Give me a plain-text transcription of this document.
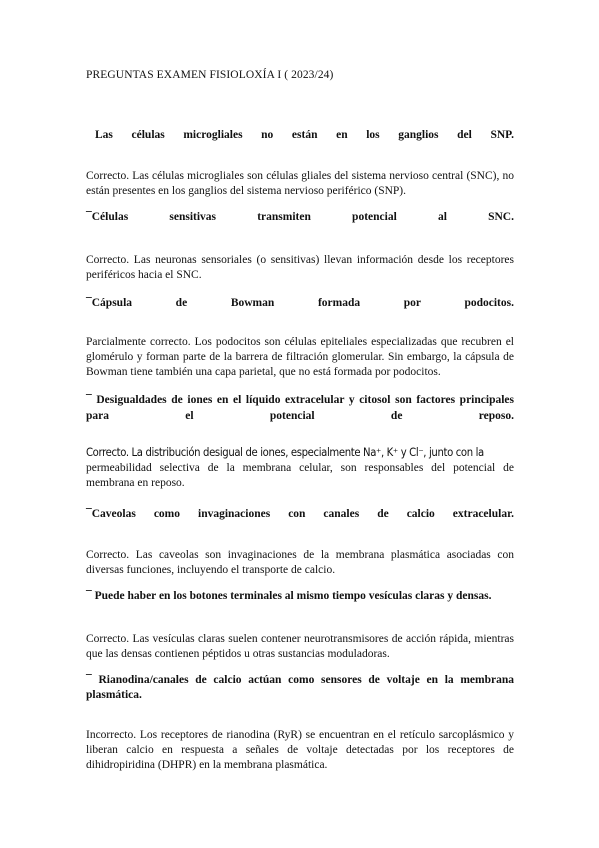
PREGUNTAS EXAMEN FISIOLOXÍA I ( 2023/24)
Las células microgliales no están en los ganglios del SNP.
Correcto. Las células microgliales son células gliales del sistema nervioso central (SNC), no están presentes en los ganglios del sistema nervioso periférico (SNP).
¯Células sensitivas transmiten potencial al SNC.
Correcto. Las neuronas sensoriales (o sensitivas) llevan información desde los receptores periféricos hacia el SNC.
¯Cápsula de Bowman formada por podocitos.
Parcialmente correcto. Los podocitos son células epiteliales especializadas que recubren el glomérulo y forman parte de la barrera de filtración glomerular. Sin embargo, la cápsula de Bowman tiene también una capa parietal, que no está formada por podocitos.
¯ Desigualdades de iones en el líquido extracelular y citosol son factores principales para el potencial de reposo.
Correcto. La distribución desigual de iones, especialmente Na⁺, K⁺ y Cl⁻, junto con la
permeabilidad selectiva de la membrana celular, son responsables del potencial de membrana en reposo.
¯Caveolas como invaginaciones con canales de calcio extracelular.
Correcto. Las caveolas son invaginaciones de la membrana plasmática asociadas con diversas funciones, incluyendo el transporte de calcio.
¯ Puede haber en los botones terminales al mismo tiempo vesículas claras y densas.
Correcto. Las vesículas claras suelen contener neurotransmisores de acción rápida, mientras que las densas contienen péptidos u otras sustancias moduladoras.
¯ Rianodina/canales de calcio actúan como sensores de voltaje en la membrana plasmática.
Incorrecto. Los receptores de rianodina (RyR) se encuentran en el retículo sarcoplásmico y liberan calcio en respuesta a señales de voltaje detectadas por los receptores de dihidropiridina (DHPR) en la membrana plasmática.
